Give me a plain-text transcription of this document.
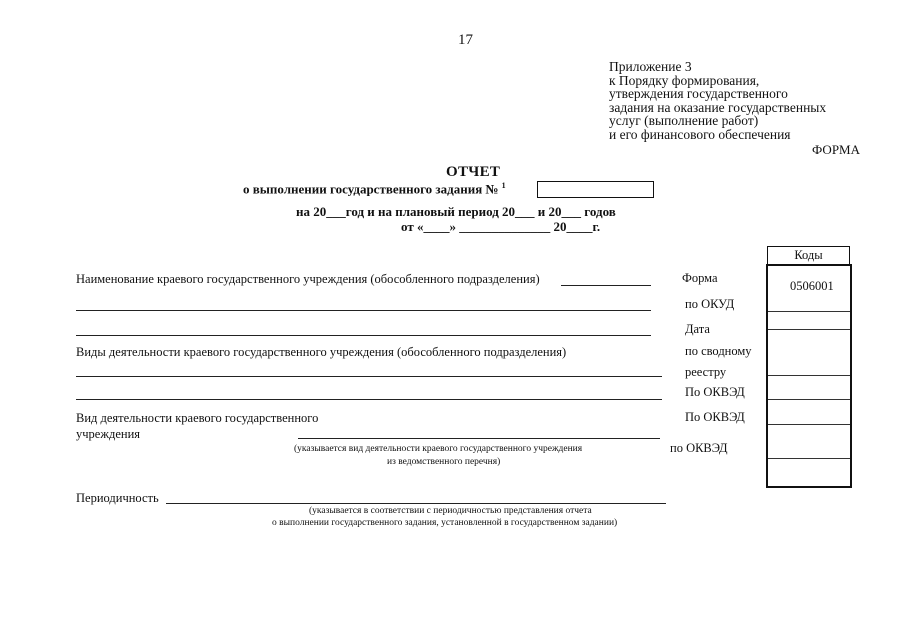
17
Приложение 3
к Порядку формирования,
утверждения государственного
задания на оказание государственных
услуг (выполнение работ)
и его финансового обеспечения
ФОРМА
ОТЧЕТ
о выполнении государственного задания № $^1$
на 20___год и на плановый период 20___ и 20___ годов
от «____» ______________ 20____г.
Наименование краевого государственного учреждения (обособленного подразделения)
Виды деятельности краевого государственного учреждения (обособленного подразделения)
Вид деятельности краевого государственного
учреждения
(указывается вид деятельности краевого государственного учреждения
из ведомственного перечня)
Периодичность
(указывается в соответствии с периодичностью представления отчета
о выполнении государственного задания, установленной в государственном задании)
Форма
по ОКУД
Дата
по сводному
реестру
По ОКВЭД
По ОКВЭД
по ОКВЭД
Коды
0506001
